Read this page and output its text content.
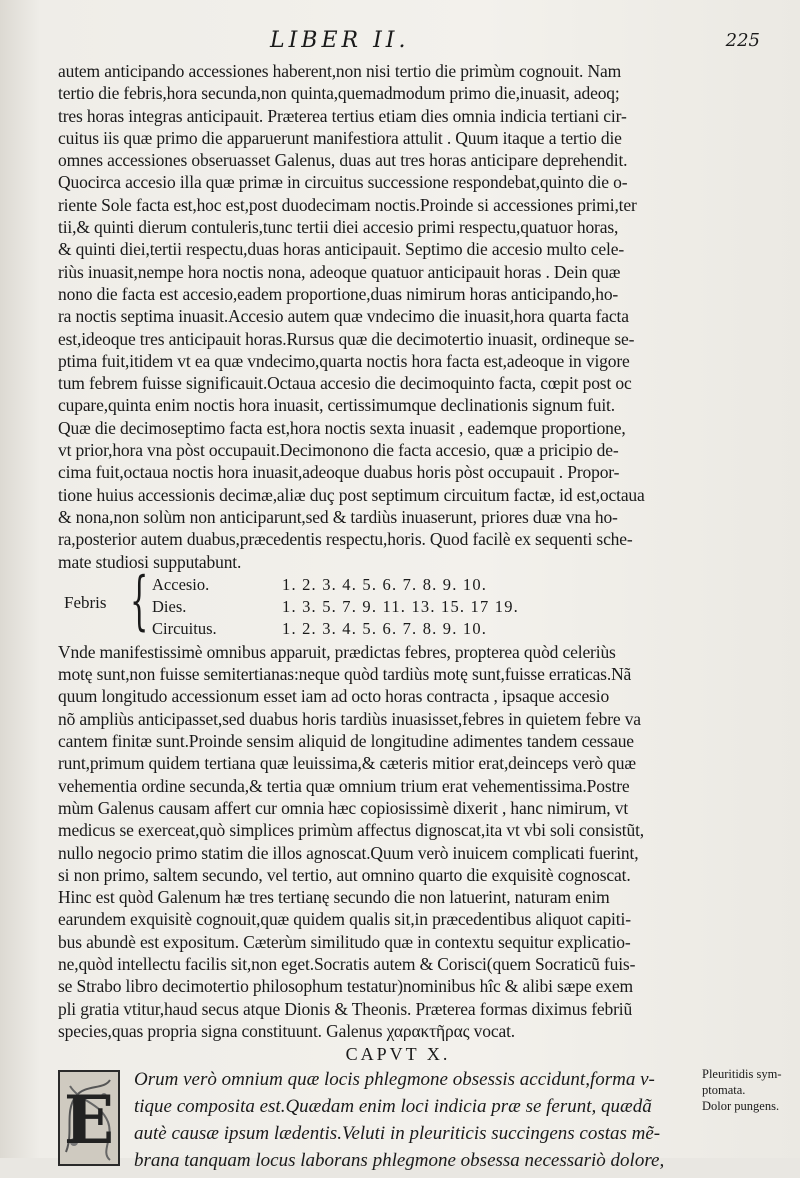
LIBER II.	225
autem anticipando accessiones haberent,non nisi tertio die primùm cognouit. Nam
tertio die febris,hora secunda,non quinta,quemadmodum primo die,inuasit, adeoq;
tres horas integras anticipauit. Præterea tertius etiam dies omnia indicia tertiani cir-
cuitus iis quæ primo die apparuerunt manifestiora attulit . Quum itaque a tertio die
omnes accessiones obseruasset Galenus, duas aut tres horas anticipare deprehendit.
Quocirca accesio illa quæ primæ in circuitus successione respondebat,quinto die o-
riente Sole facta est,hoc est,post duodecimam noctis.Proinde si accessiones primi,ter
tii,& quinti dierum contuleris,tunc tertii diei accesio primi respectu,quatuor horas,
& quinti diei,tertii respectu,duas horas anticipauit. Septimo die accesio multo cele-
riùs inuasit,nempe hora noctis nona, adeoque quatuor anticipauit horas . Dein quæ
nono die facta est accesio,eadem proportione,duas nimirum horas anticipando,ho-
ra noctis septima inuasit.Accesio autem quæ vndecimo die inuasit,hora quarta facta
est,ideoque tres anticipauit horas.Rursus quæ die decimotertio inuasit, ordineque se-
ptima fuit,itidem vt ea quæ vndecimo,quarta noctis hora facta est,adeoque in vigore
tum febrem fuisse significauit.Octaua accesio die decimoquinto facta, cœpit post oc
cupare,quinta enim noctis hora inuasit, certissimumque declinationis signum fuit.
Quæ die decimoseptimo facta est,hora noctis sexta inuasit , eademque proportione,
vt prior,hora vna pòst occupauit.Decimonono die facta accesio, quæ a pricipio de-
cima fuit,octaua noctis hora inuasit,adeoque duabus horis pòst occupauit . Propor-
tione huius accessionis decimæ,aliæ duç post septimum circuitum factæ, id est,octaua
& nona,non solùm non anticiparunt,sed & tardiùs inuaserunt, priores duæ vna ho-
ra,posterior autem duabus,præcedentis respectu,horis. Quod facilè ex sequenti sche-
mate studiosi supputabunt.
Febris { Accesio.	1. 2. 3. 4. 5. 6. 7. 8. 9. 10.
Dies.	1. 3. 5. 7. 9. 11. 13. 15. 17 19.
Circuitus.	1. 2. 3. 4. 5. 6. 7. 8. 9. 10.
Vnde manifestissimè omnibus apparuit, prædictas febres, propterea quòd celeriùs
motę sunt,non fuisse semitertianas:neque quòd tardiùs motę sunt,fuisse erraticas.Nã
quum longitudo accessionum esset iam ad octo horas contracta , ipsaque accesio
nõ ampliùs anticipasset,sed duabus horis tardiùs inuasisset,febres in quietem febre va
cantem finitæ sunt.Proinde sensim aliquid de longitudine adimentes tandem cessaue
runt,primum quidem tertiana quæ leuissima,& cæteris mitior erat,deinceps verò quæ
vehementia ordine secunda,& tertia quæ omnium trium erat vehementissima.Postre
mùm Galenus causam affert cur omnia hæc copiosissimè dixerit , hanc nimirum, vt
medicus se exerceat,quò simplices primùm affectus dignoscat,ita vt vbi soli consistũt,
nullo negocio primo statim die illos agnoscat.Quum verò inuicem complicati fuerint,
si non primo, saltem secundo, vel tertio, aut omnino quarto die exquisitè cognoscat.
Hinc est quòd Galenum hæ tres tertianę secundo die non latuerint, naturam enim
earundem exquisitè cognouit,quæ quidem qualis sit,in præcedentibus aliquot capiti-
bus abundè est expositum. Cæterùm similitudo quæ in contextu sequitur explicatio-
ne,quòd intellectu facilis sit,non eget.Socratis autem & Corisci(quem Socraticũ fuis-
se Strabo libro decimotertio philosophum testatur)nominibus hîc & alibi sæpe exem
pli gratia vtitur,haud secus atque Dionis & Theonis. Præterea formas diximus febriũ
species,quas propria signa constituunt. Galenus χαρακτῆρας vocat.
CAPVT X.
E
Orum verò omnium quæ locis phlegmone obsessis accidunt,forma v-
tique composita est.Quædam enim loci indicia præ se ferunt, quædã
autè causæ ipsum lædentis.Veluti in pleuriticis succingens costas mẽ-
brana tanquam locus laborans phlegmone obsessa necessariò dolore,
Pleuritidis sym-
ptomata.
Dolor pungens.
